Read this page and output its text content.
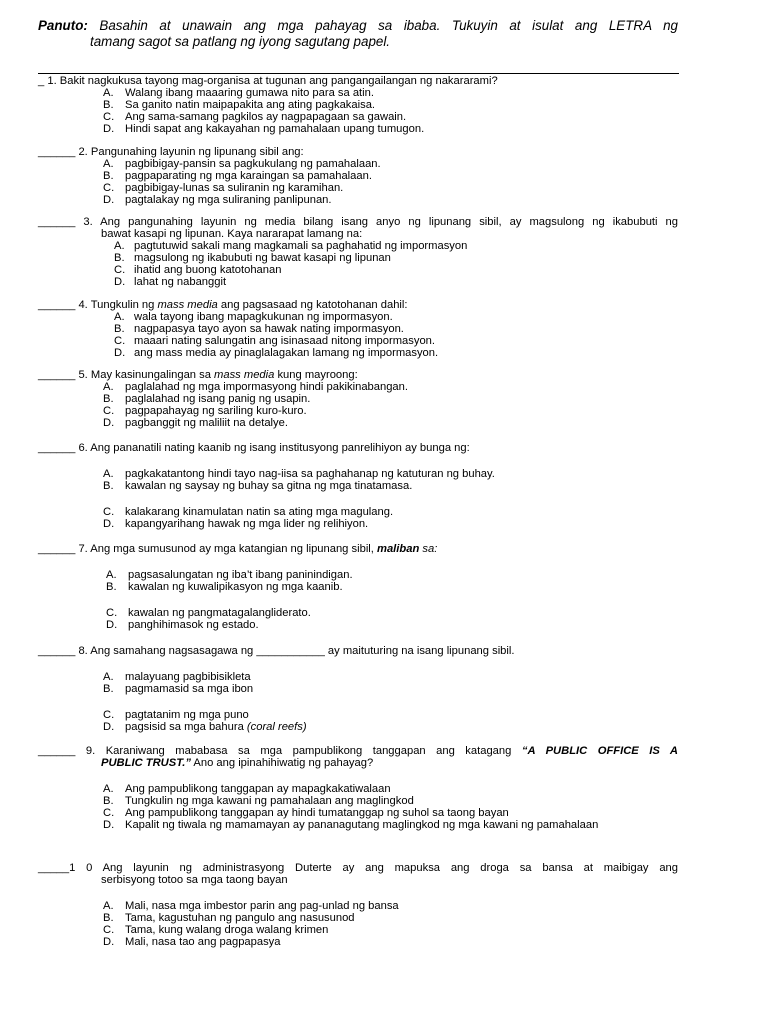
Panuto: Basahin at unawain ang mga pahayag sa ibaba. Tukuyin at isulat ang LETRA ng
tamang sagot sa patlang ng iyong sagutang papel.
_ 1. Bakit nagkukusa tayong mag-organisa at tugunan ang pangangailangan ng nakararami?
A.	Walang ibang maaaring gumawa nito para sa atin.
B.	Sa ganito natin maipapakita ang ating pagkakaisa.
C. Ang sama-samang pagkilos ay nagpapagaan sa gawain.
D. Hindi sapat ang kakayahan ng pamahalaan upang tumugon.
______ 2. Pangunahing layunin ng lipunang sibil ang:
A.	pagbibigay-pansin sa pagkukulang ng pamahalaan.
B.	pagpaparating ng mga karaingan sa pamahalaan.
C. pagbibigay-lunas sa suliranin ng karamihan.
D. pagtalakay ng mga suliraning panlipunan.
______ 3. Ang pangunahing layunin ng media bilang isang anyo ng lipunang sibil, ay magsulong ng ikabubuti ng
bawat kasapi ng lipunan. Kaya nararapat lamang na:
A. pagtutuwid sakali mang magkamali sa paghahatid ng impormasyon
B. magsulong ng ikabubuti ng bawat kasapi ng lipunan
C. ihatid ang buong katotohanan
D. lahat ng nabanggit
______ 4. Tungkulin ng mass media ang pagsasaad ng katotohanan dahil:
A. wala tayong ibang mapagkukunan ng impormasyon.
B. nagpapasya tayo ayon sa hawak nating impormasyon.
C. maaari nating salungatin ang isinasaad nitong impormasyon.
D. ang mass media ay pinaglalagakan lamang ng impormasyon.
______ 5. May kasinungalingan sa mass media kung mayroong:
A.	paglalahad ng mga impormasyong hindi pakikinabangan.
B.	paglalahad ng isang panig ng usapin.
C. pagpapahayag ng sariling kuro-kuro.
D. pagbanggit ng maliliit na detalye.
______ 6. Ang pananatili nating kaanib ng isang institusyong panrelihiyon ay bunga ng:
A.	pagkakatantong hindi tayo nag-iisa sa paghahanap ng katuturan ng buhay.
B.	kawalan ng saysay ng buhay sa gitna ng mga tinatamasa.
C. kalakarang kinamulatan natin sa ating mga magulang.
D. kapangyarihang hawak ng mga lider ng relihiyon.
______ 7. Ang mga sumusunod ay mga katangian ng lipunang sibil, maliban sa:
A.	pagsasalungatan ng iba’t ibang paninindigan.
B.	kawalan ng kuwalipikasyon ng mga kaanib.
C. kawalan ng pangmatagalangliderato.
D. panghihimasok ng estado.
______ 8. Ang samahang nagsasagawa ng ___________ ay maituturing na isang lipunang sibil.
A.	malayuang pagbibisikleta
B.	pagmamasid sa mga ibon
C. pagtatanim ng mga puno
D. pagsisid sa mga bahura (coral reefs)
______ 9. Karaniwang mababasa sa mga pampublikong tanggapan ang katagang “A PUBLIC OFFICE IS A
PUBLIC TRUST.” Ano ang ipinahihiwatig ng pahayag?
A.	Ang pampublikong tanggapan ay mapagkakatiwalaan
B.	Tungkulin ng mga kawani ng pamahalaan ang maglingkod
C. Ang pampublikong tanggapan ay hindi tumatanggap ng suhol sa taong bayan
D. Kapalit ng tiwala ng mamamayan ay pananagutang maglingkod ng mga kawani ng pamahalaan
_____1 0 Ang layunin ng administrasyong Duterte ay ang mapuksa ang droga sa bansa at maibigay ang
serbisyong totoo sa mga taong bayan
A.	Mali, nasa mga imbestor parin ang pag-unlad ng bansa
B.	Tama, kagustuhan ng pangulo ang nasusunod
C. Tama, kung walang droga walang krimen
D. Mali, nasa tao ang pagpapasya
